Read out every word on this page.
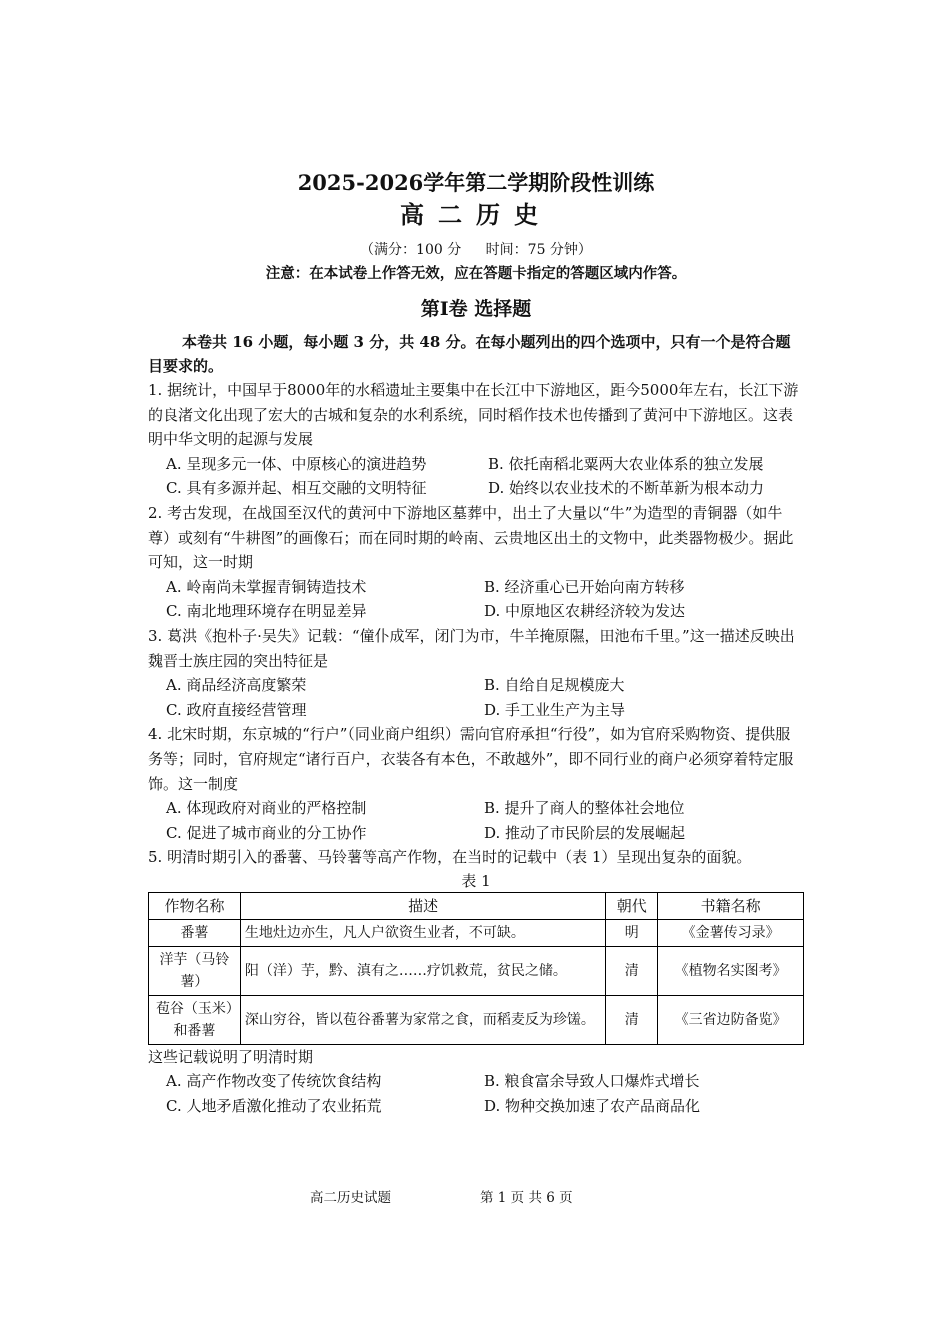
2025-2026学年第二学期阶段性训练

高二历史

（满分：100 分 时间：75 分钟）
注意：在本试卷上作答无效，应在答题卡指定的答题区域内作答。
第Ⅰ卷 选择题

本卷共 16 小题，每小题 3 分，共 48 分。在每小题列出的四个选项中，只有一个是符合题目要求的。

1. 据统计，中国早于8000年的水稻遗址主要集中在长江中下游地区，距今5000年左右，长江下游的良渚文化出现了宏大的古城和复杂的水利系统，同时稻作技术也传播到了黄河中下游地区。这表明中华文明的起源与发展

A. 呈现多元一体、中原核心的演进趋势	B. 依托南稻北粟两大农业体系的独立发展
C. 具有多源并起、相互交融的文明特征	D. 始终以农业技术的不断革新为根本动力

2. 考古发现，在战国至汉代的黄河中下游地区墓葬中，出土了大量以“牛”为造型的青铜器（如牛尊）或刻有“牛耕图”的画像石；而在同时期的岭南、云贵地区出土的文物中，此类器物极少。据此可知，这一时期

A. 岭南尚未掌握青铜铸造技术	B. 经济重心已开始向南方转移
C. 南北地理环境存在明显差异	D. 中原地区农耕经济较为发达

3. 葛洪《抱朴子·吴失》记载：“僮仆成军，闭门为市，牛羊掩原隰，田池布千里。”这一描述反映出魏晋士族庄园的突出特征是

A. 商品经济高度繁荣	B. 自给自足规模庞大
C. 政府直接经营管理	D. 手工业生产为主导

4. 北宋时期，东京城的“行户”（同业商户组织）需向官府承担“行役”，如为官府采购物资、提供服务等；同时，官府规定“诸行百户，衣装各有本色，不敢越外”，即不同行业的商户必须穿着特定服饰。这一制度

A. 体现政府对商业的严格控制	B. 提升了商人的整体社会地位
C. 促进了城市商业的分工协作	D. 推动了市民阶层的发展崛起

5. 明清时期引入的番薯、马铃薯等高产作物，在当时的记载中（表 1）呈现出复杂的面貌。

表 1
作物名称	描述	朝代	书籍名称
番薯	生地灶边亦生，凡人户欲资生业者，不可缺。	明	《金薯传习录》
洋芋（马铃薯）	阳（洋）芋，黔、滇有之……疗饥救荒，贫民之储。	清	《植物名实图考》
苞谷（玉米）和番薯	深山穷谷，皆以苞谷番薯为家常之食，而稻麦反为珍馐。	清	《三省边防备览》

这些记载说明了明清时期

A. 高产作物改变了传统饮食结构	B. 粮食富余导致人口爆炸式增长
C. 人地矛盾激化推动了农业拓荒	D. 物种交换加速了农产品商品化
高二历史试题	第 1 页 共 6 页
